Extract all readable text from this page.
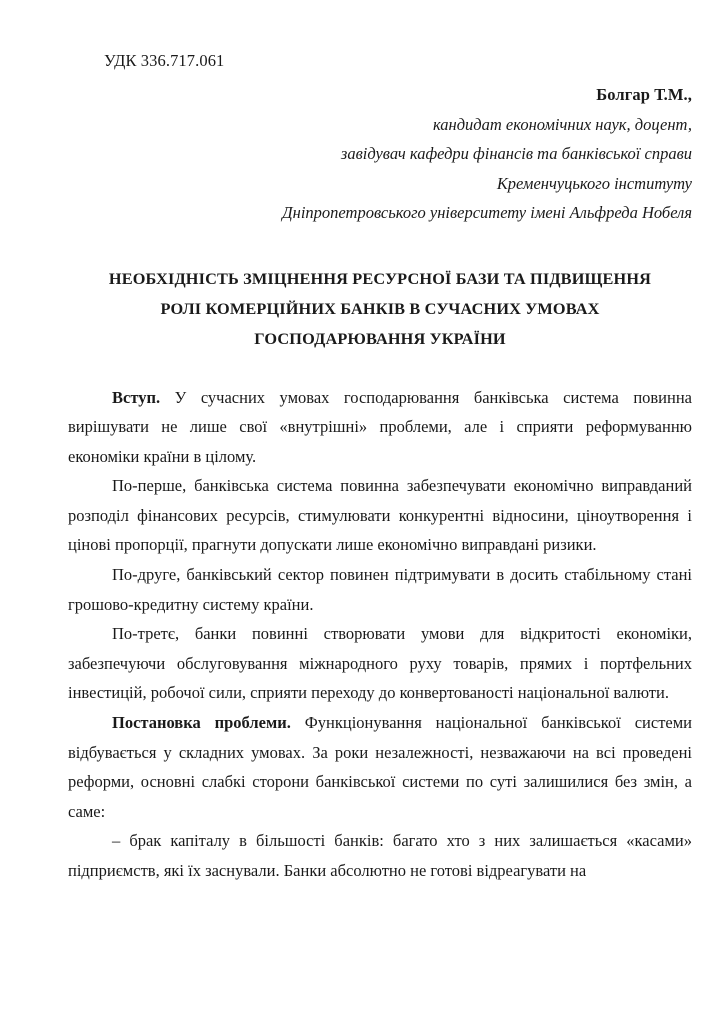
УДК 336.717.061
Болгар Т.М.,
кандидат економічних наук, доцент,
завідувач кафедри фінансів та банківської справи
Кременчуцького інституту
Дніпропетровського університету імені Альфреда Нобеля
НЕОБХІДНІСТЬ ЗМІЦНЕННЯ РЕСУРСНОЇ БАЗИ ТА ПІДВИЩЕННЯ
РОЛІ КОМЕРЦІЙНИХ БАНКІВ В СУЧАСНИХ УМОВАХ
ГОСПОДАРЮВАННЯ УКРАЇНИ

Вступ. У сучасних умовах господарювання банківська система повинна вирішувати не лише свої «внутрішні» проблеми, але і сприяти реформуванню економіки країни в цілому.

По-перше, банківська система повинна забезпечувати економічно виправданий розподіл фінансових ресурсів, стимулювати конкурентні відносини, ціноутворення і цінові пропорції, прагнути допускати лише економічно виправдані ризики.

По-друге, банківський сектор повинен підтримувати в досить стабільному стані грошово-кредитну систему країни.

По-третє, банки повинні створювати умови для відкритості економіки, забезпечуючи обслуговування міжнародного руху товарів, прямих і портфельних інвестицій, робочої сили, сприяти переходу до конвертованості національної валюти.

Постановка проблеми. Функціонування національної банківської системи відбувається у складних умовах. За роки незалежності, незважаючи на всі проведені реформи, основні слабкі сторони банківської системи по суті залишилися без змін, а саме:

– брак капіталу в більшості банків: багато хто з них залишається «касами» підприємств, які їх заснували. Банки абсолютно не готові відреагувати на
